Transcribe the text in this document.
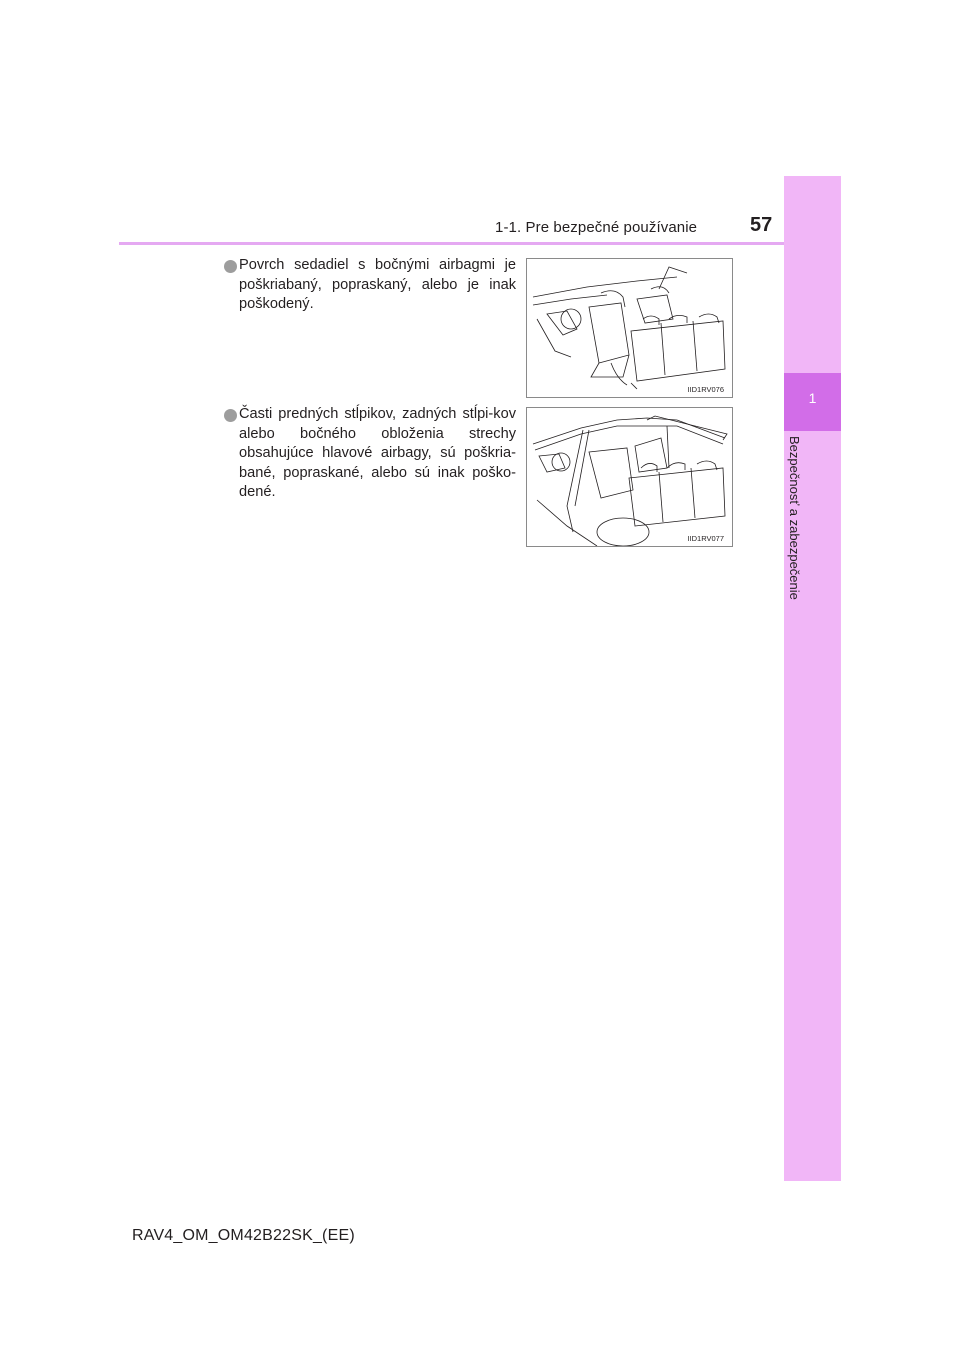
1-1. Pre bezpečné používanie	57
1
Bezpečnosť a zabezpečenie
Povrch sedadiel s bočnými airbagmi je poškriabaný, popraskaný, alebo je inak poškodený.
IID1RV076
Časti predných stĺpikov, zadných stĺpi-kov alebo bočného obloženia strechy obsahujúce hlavové airbagy, sú poškria-bané, popraskané, alebo sú inak poško-dené.
IID1RV077
RAV4_OM_OM42B22SK_(EE)
